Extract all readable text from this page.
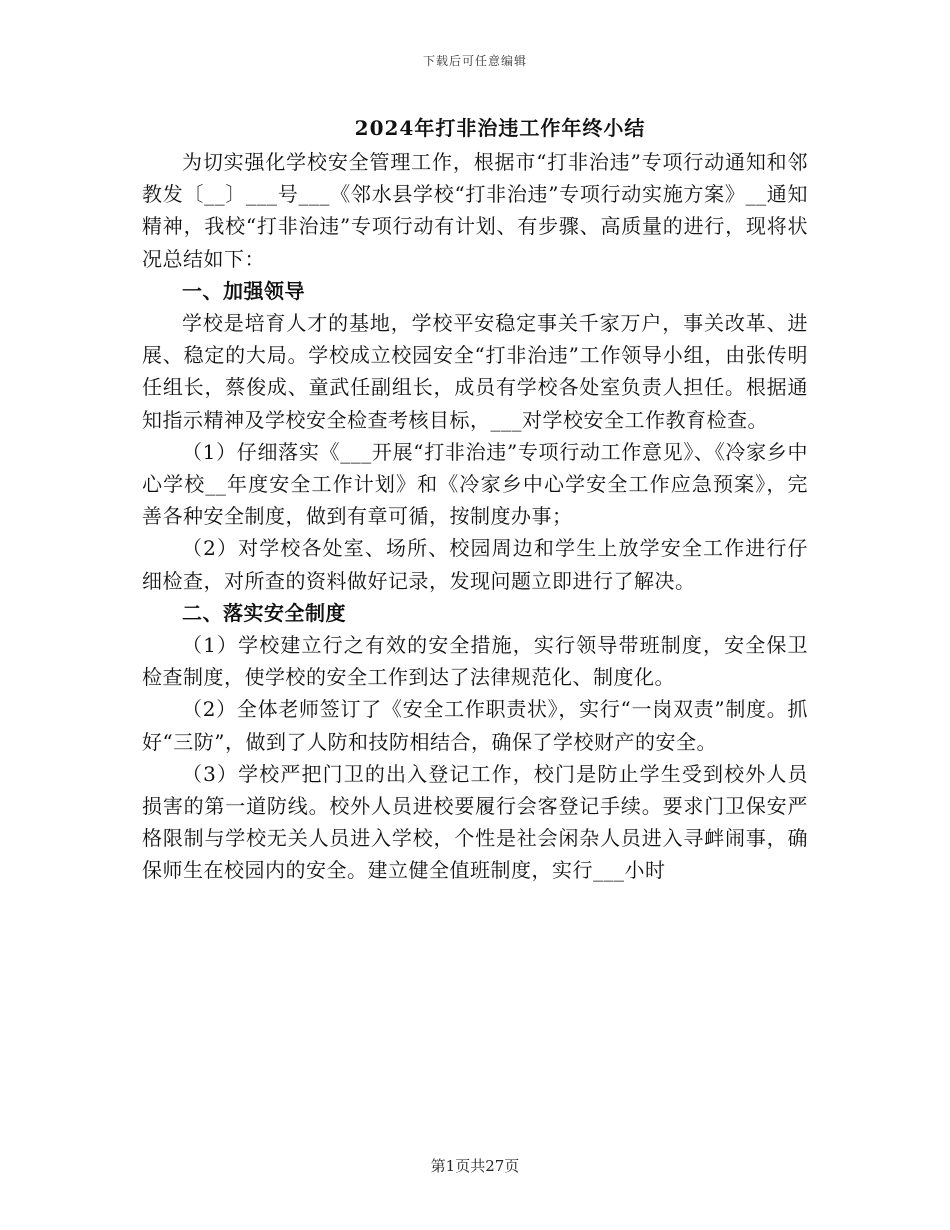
下载后可任意编辑
2024年打非治违工作年终小结

为切实强化学校安全管理工作，根据市“打非治违”专项行动通知和邻教发〔__〕___号___《邻水县学校“打非治违”专项行动实施方案》__通知精神，我校“打非治违”专项行动有计划、有步骤、高质量的进行，现将状况总结如下：

一、加强领导

学校是培育人才的基地，学校平安稳定事关千家万户，事关改革、进展、稳定的大局。学校成立校园安全“打非治违”工作领导小组，由张传明任组长，蔡俊成、童武任副组长，成员有学校各处室负责人担任。根据通知指示精神及学校安全检查考核目标，___对学校安全工作教育检查。

（1）仔细落实《___开展“打非治违”专项行动工作意见》、《冷家乡中心学校__年度安全工作计划》和《冷家乡中心学安全工作应急预案》，完善各种安全制度，做到有章可循，按制度办事；

（2）对学校各处室、场所、校园周边和学生上放学安全工作进行仔细检查，对所查的资料做好记录，发现问题立即进行了解决。

二、落实安全制度

（1）学校建立行之有效的安全措施，实行领导带班制度，安全保卫检查制度，使学校的安全工作到达了法律规范化、制度化。

（2）全体老师签订了《安全工作职责状》，实行“一岗双责”制度。抓好“三防”，做到了人防和技防相结合，确保了学校财产的安全。

（3）学校严把门卫的出入登记工作，校门是防止学生受到校外人员损害的第一道防线。校外人员进校要履行会客登记手续。要求门卫保安严格限制与学校无关人员进入学校，个性是社会闲杂人员进入寻衅闹事，确保师生在校园内的安全。建立健全值班制度，实行___小时

第1页共27页
